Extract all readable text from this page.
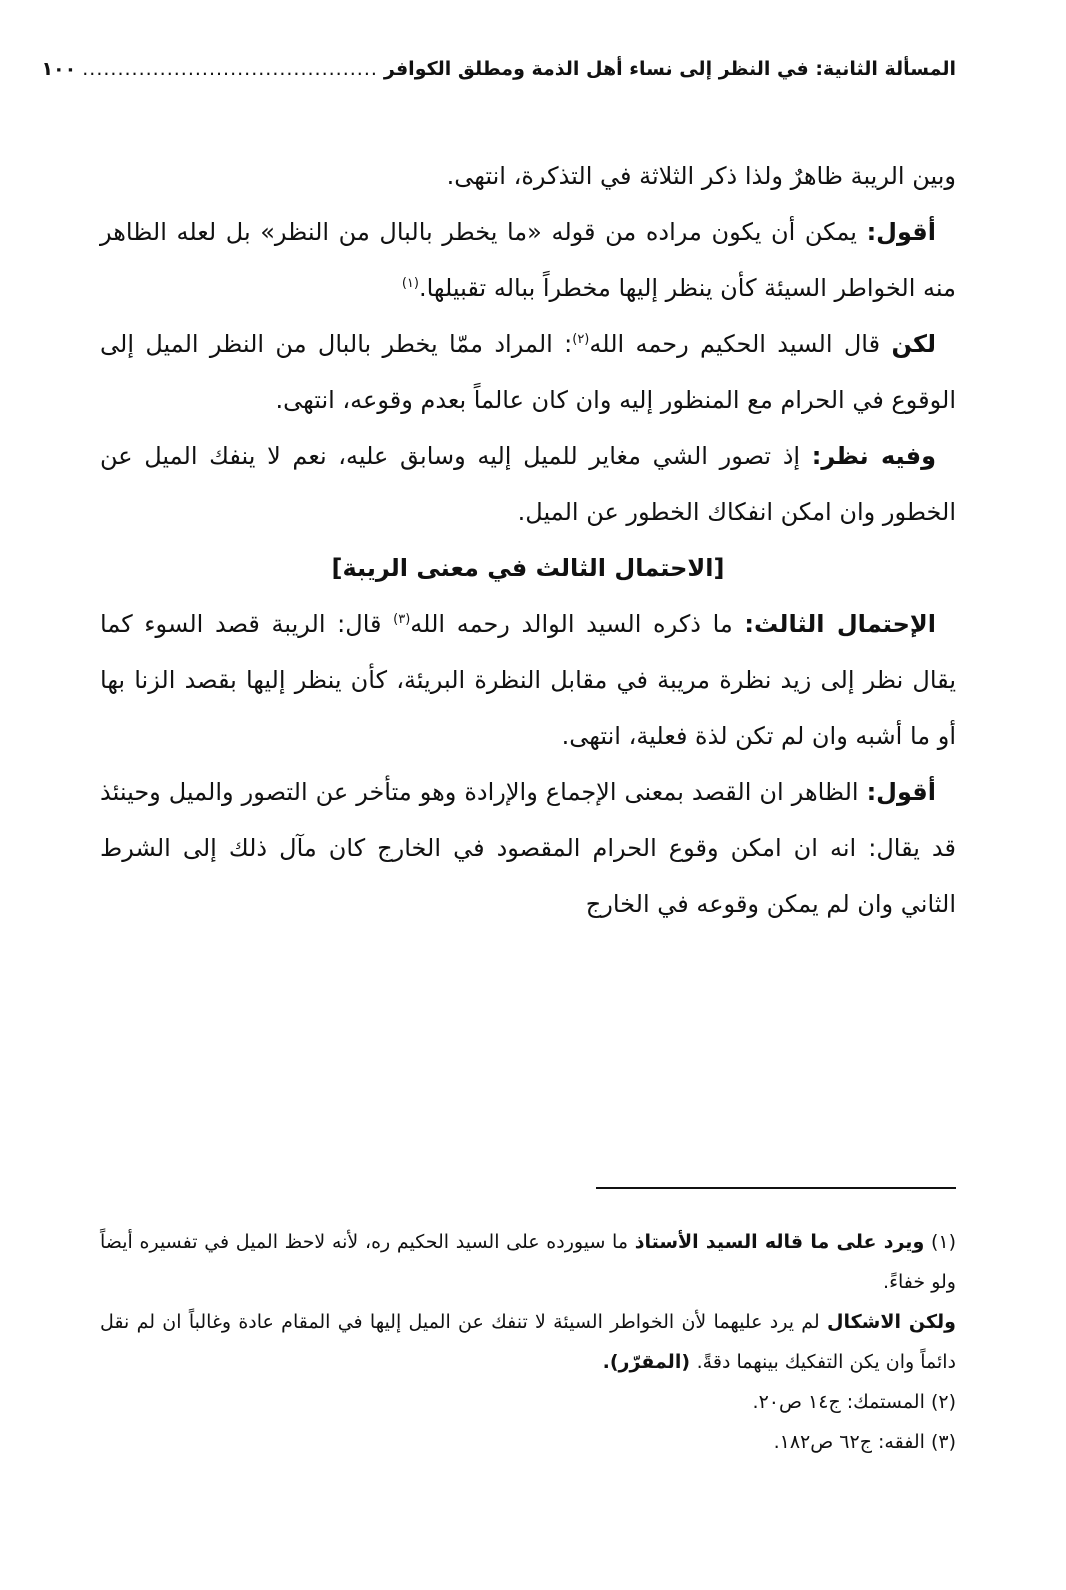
المسألة الثانية: في النظر إلى نساء أهل الذمة ومطلق الكوافر
..........................................
١٠٠

وبين الريبة ظاهرٌ ولذا ذكر الثلاثة في التذكرة، انتهى.

أقول: يمكن أن يكون مراده من قوله «ما يخطر بالبال من النظر» بل لعله الظاهر منه الخواطر السيئة كأن ينظر إليها مخطراً بباله تقبيلها.$^{(١)}$

لكن قال السيد الحكيم رحمه الله$^{(٢)}$: المراد ممّا يخطر بالبال من النظر الميل إلى الوقوع في الحرام مع المنظور إليه وان كان عالماً بعدم وقوعه، انتهى.

وفيه نظر: إذ تصور الشي مغاير للميل إليه وسابق عليه، نعم لا ينفك الميل عن الخطور وان امكن انفكاك الخطور عن الميل.

[الاحتمال الثالث في معنى الريبة]

الإحتمال الثالث: ما ذكره السيد الوالد رحمه الله$^{(٣)}$ قال: الريبة قصد السوء كما يقال نظر إلى زيد نظرة مريبة في مقابل النظرة البريئة، كأن ينظر إليها بقصد الزنا بها أو ما أشبه وان لم تكن لذة فعلية، انتهى.

أقول: الظاهر ان القصد بمعنى الإجماع والإرادة وهو متأخر عن التصور والميل وحينئذ قد يقال: انه ان امكن وقوع الحرام المقصود في الخارج كان مآل ذلك إلى الشرط الثاني وان لم يمكن وقوعه في الخارج

(١) ويرد على ما قاله السيد الأستاذ ما سيورده على السيد الحكيم ره، لأنه لاحظ الميل في تفسيره أيضاً ولو خفاءً.

ولكن الاشكال لم يرد عليهما لأن الخواطر السيئة لا تنفك عن الميل إليها في المقام عادة وغالباً ان لم نقل دائماً وان يكن التفكيك بينهما دقةً. (المقرّر).

(٢) المستمك: ج١٤ ص٢٠.

(٣) الفقه: ج٦٢ ص١٨٢.
